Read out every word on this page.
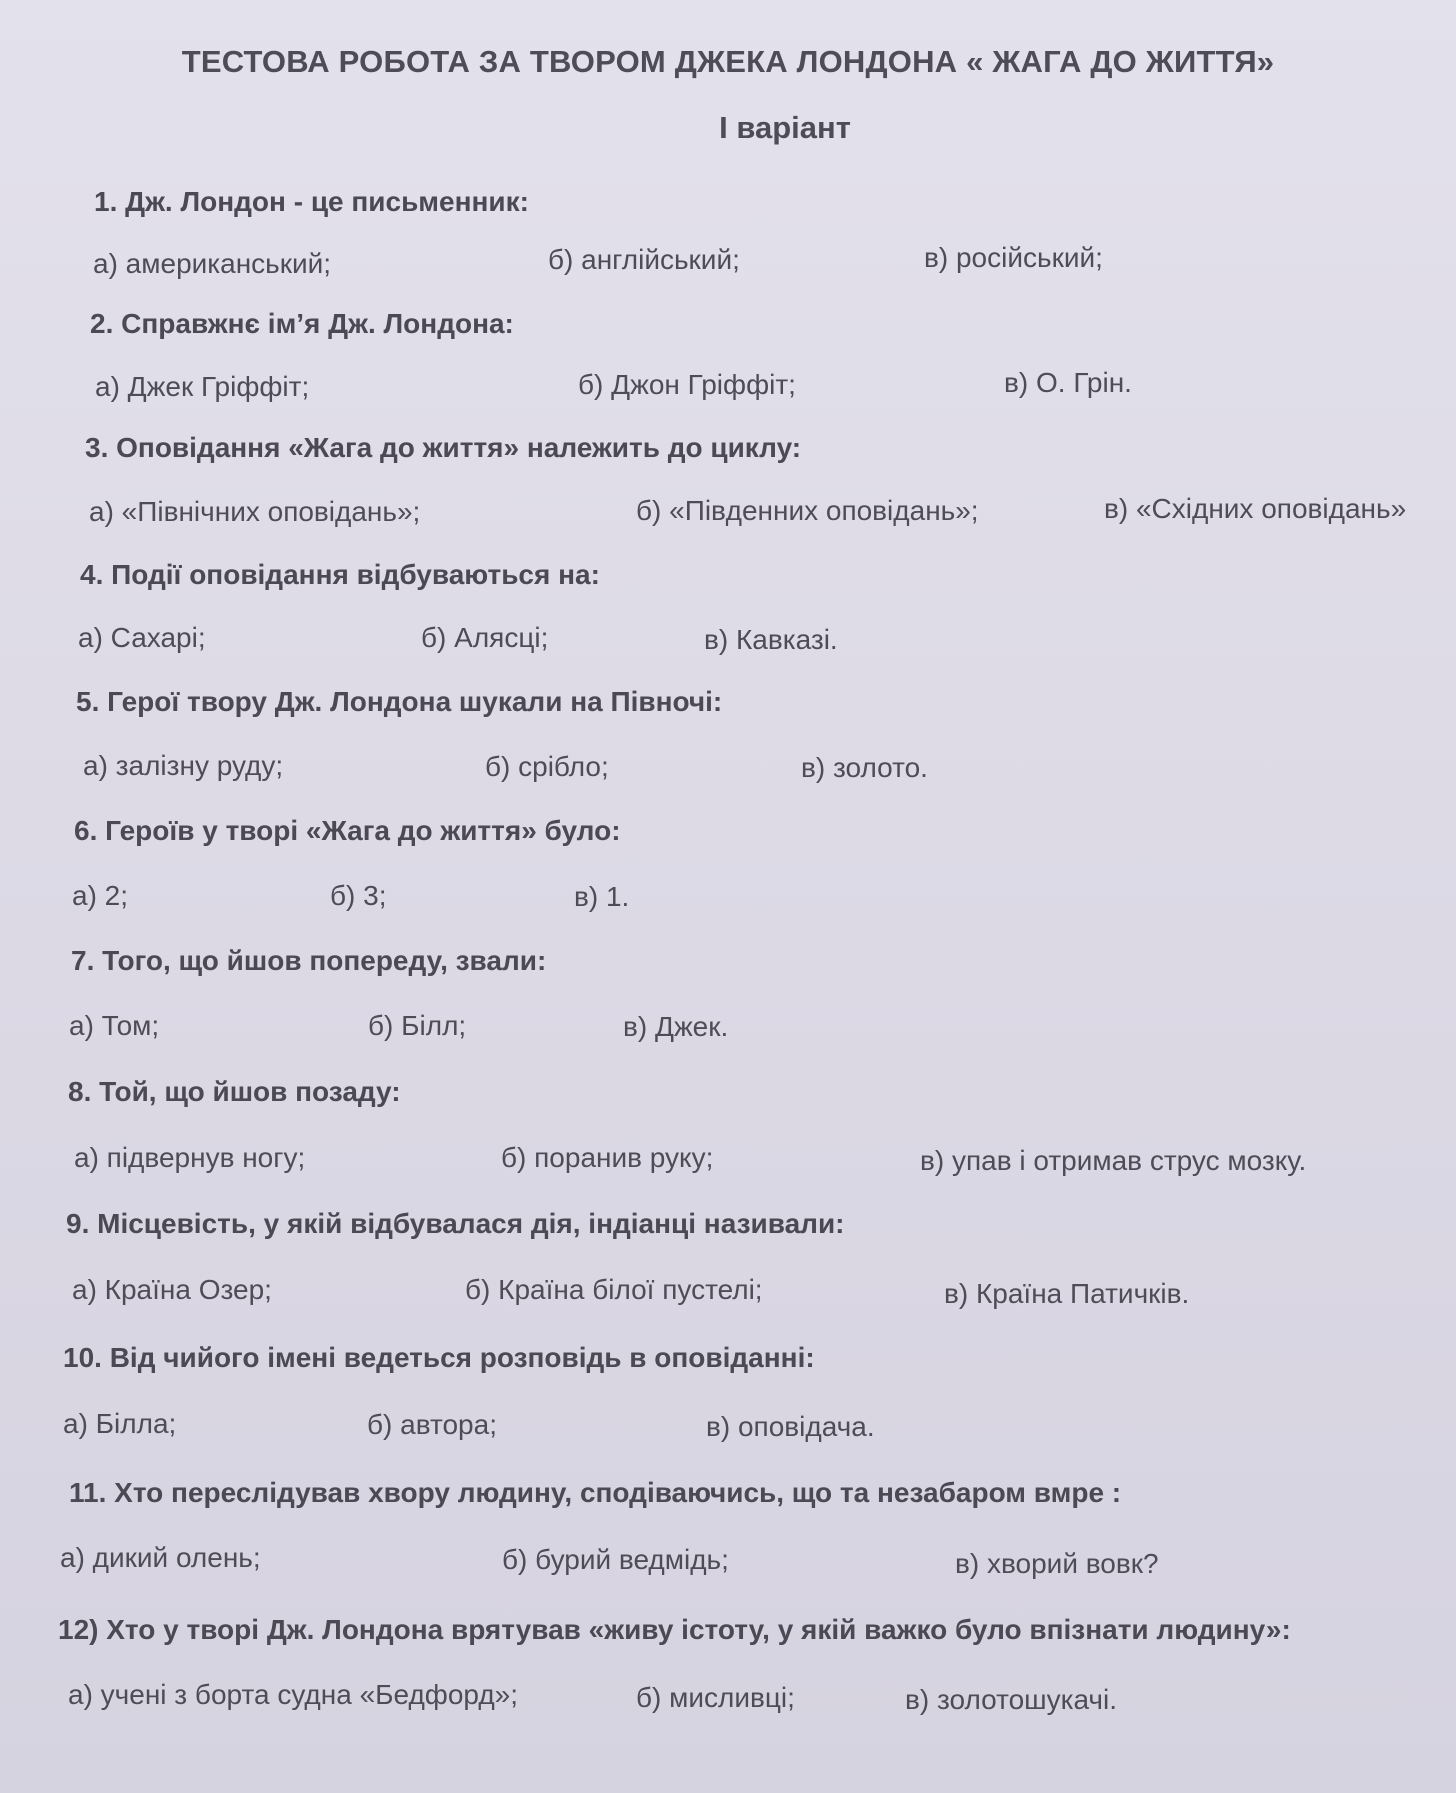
ТЕСТОВА РОБОТА ЗА ТВОРОМ ДЖЕКА ЛОНДОНА « ЖАГА ДО ЖИТТЯ»
І варіант
1. Дж. Лондон - це письменник:
а) американський;	б) англійський;	в) російський;
2. Справжнє ім’я Дж. Лондона:
а) Джек Гріффіт;	б) Джон Гріффіт;	в) О. Грін.
3. Оповідання «Жага до життя» належить до циклу:
а) «Північних оповідань»;	б) «Південних оповідань»;	в) «Східних оповідань»
4. Події оповідання відбуваються на:
а) Сахарі;	б) Алясці;	в) Кавказі.
5. Герої твору Дж. Лондона шукали на Півночі:
а) залізну руду;	б) срібло;	в) золото.
6. Героїв у творі «Жага до життя» було:
а) 2;	б) 3;	в) 1.
7. Того, що йшов попереду, звали:
а) Том;	б) Білл;	в) Джек.
8. Той, що йшов позаду:
а) підвернув ногу;	б) поранив руку;	в) упав і отримав струс мозку.
9. Місцевість, у якій відбувалася дія, індіанці називали:
а) Країна Озер;	б) Країна білої пустелі;	в) Країна Патичків.
10. Від чийого імені ведеться розповідь в оповіданні:
а) Білла;	б) автора;	в) оповідача.
11. Хто переслідував хвору людину, сподіваючись, що та незабаром вмре :
а) дикий олень;	б) бурий ведмідь;	в) хворий вовк?
12) Хто у творі Дж. Лондона врятував «живу істоту, у якій важко було впізнати людину»:
а) учені з борта судна «Бедфорд»;	б) мисливці;	в) золотошукачі.
